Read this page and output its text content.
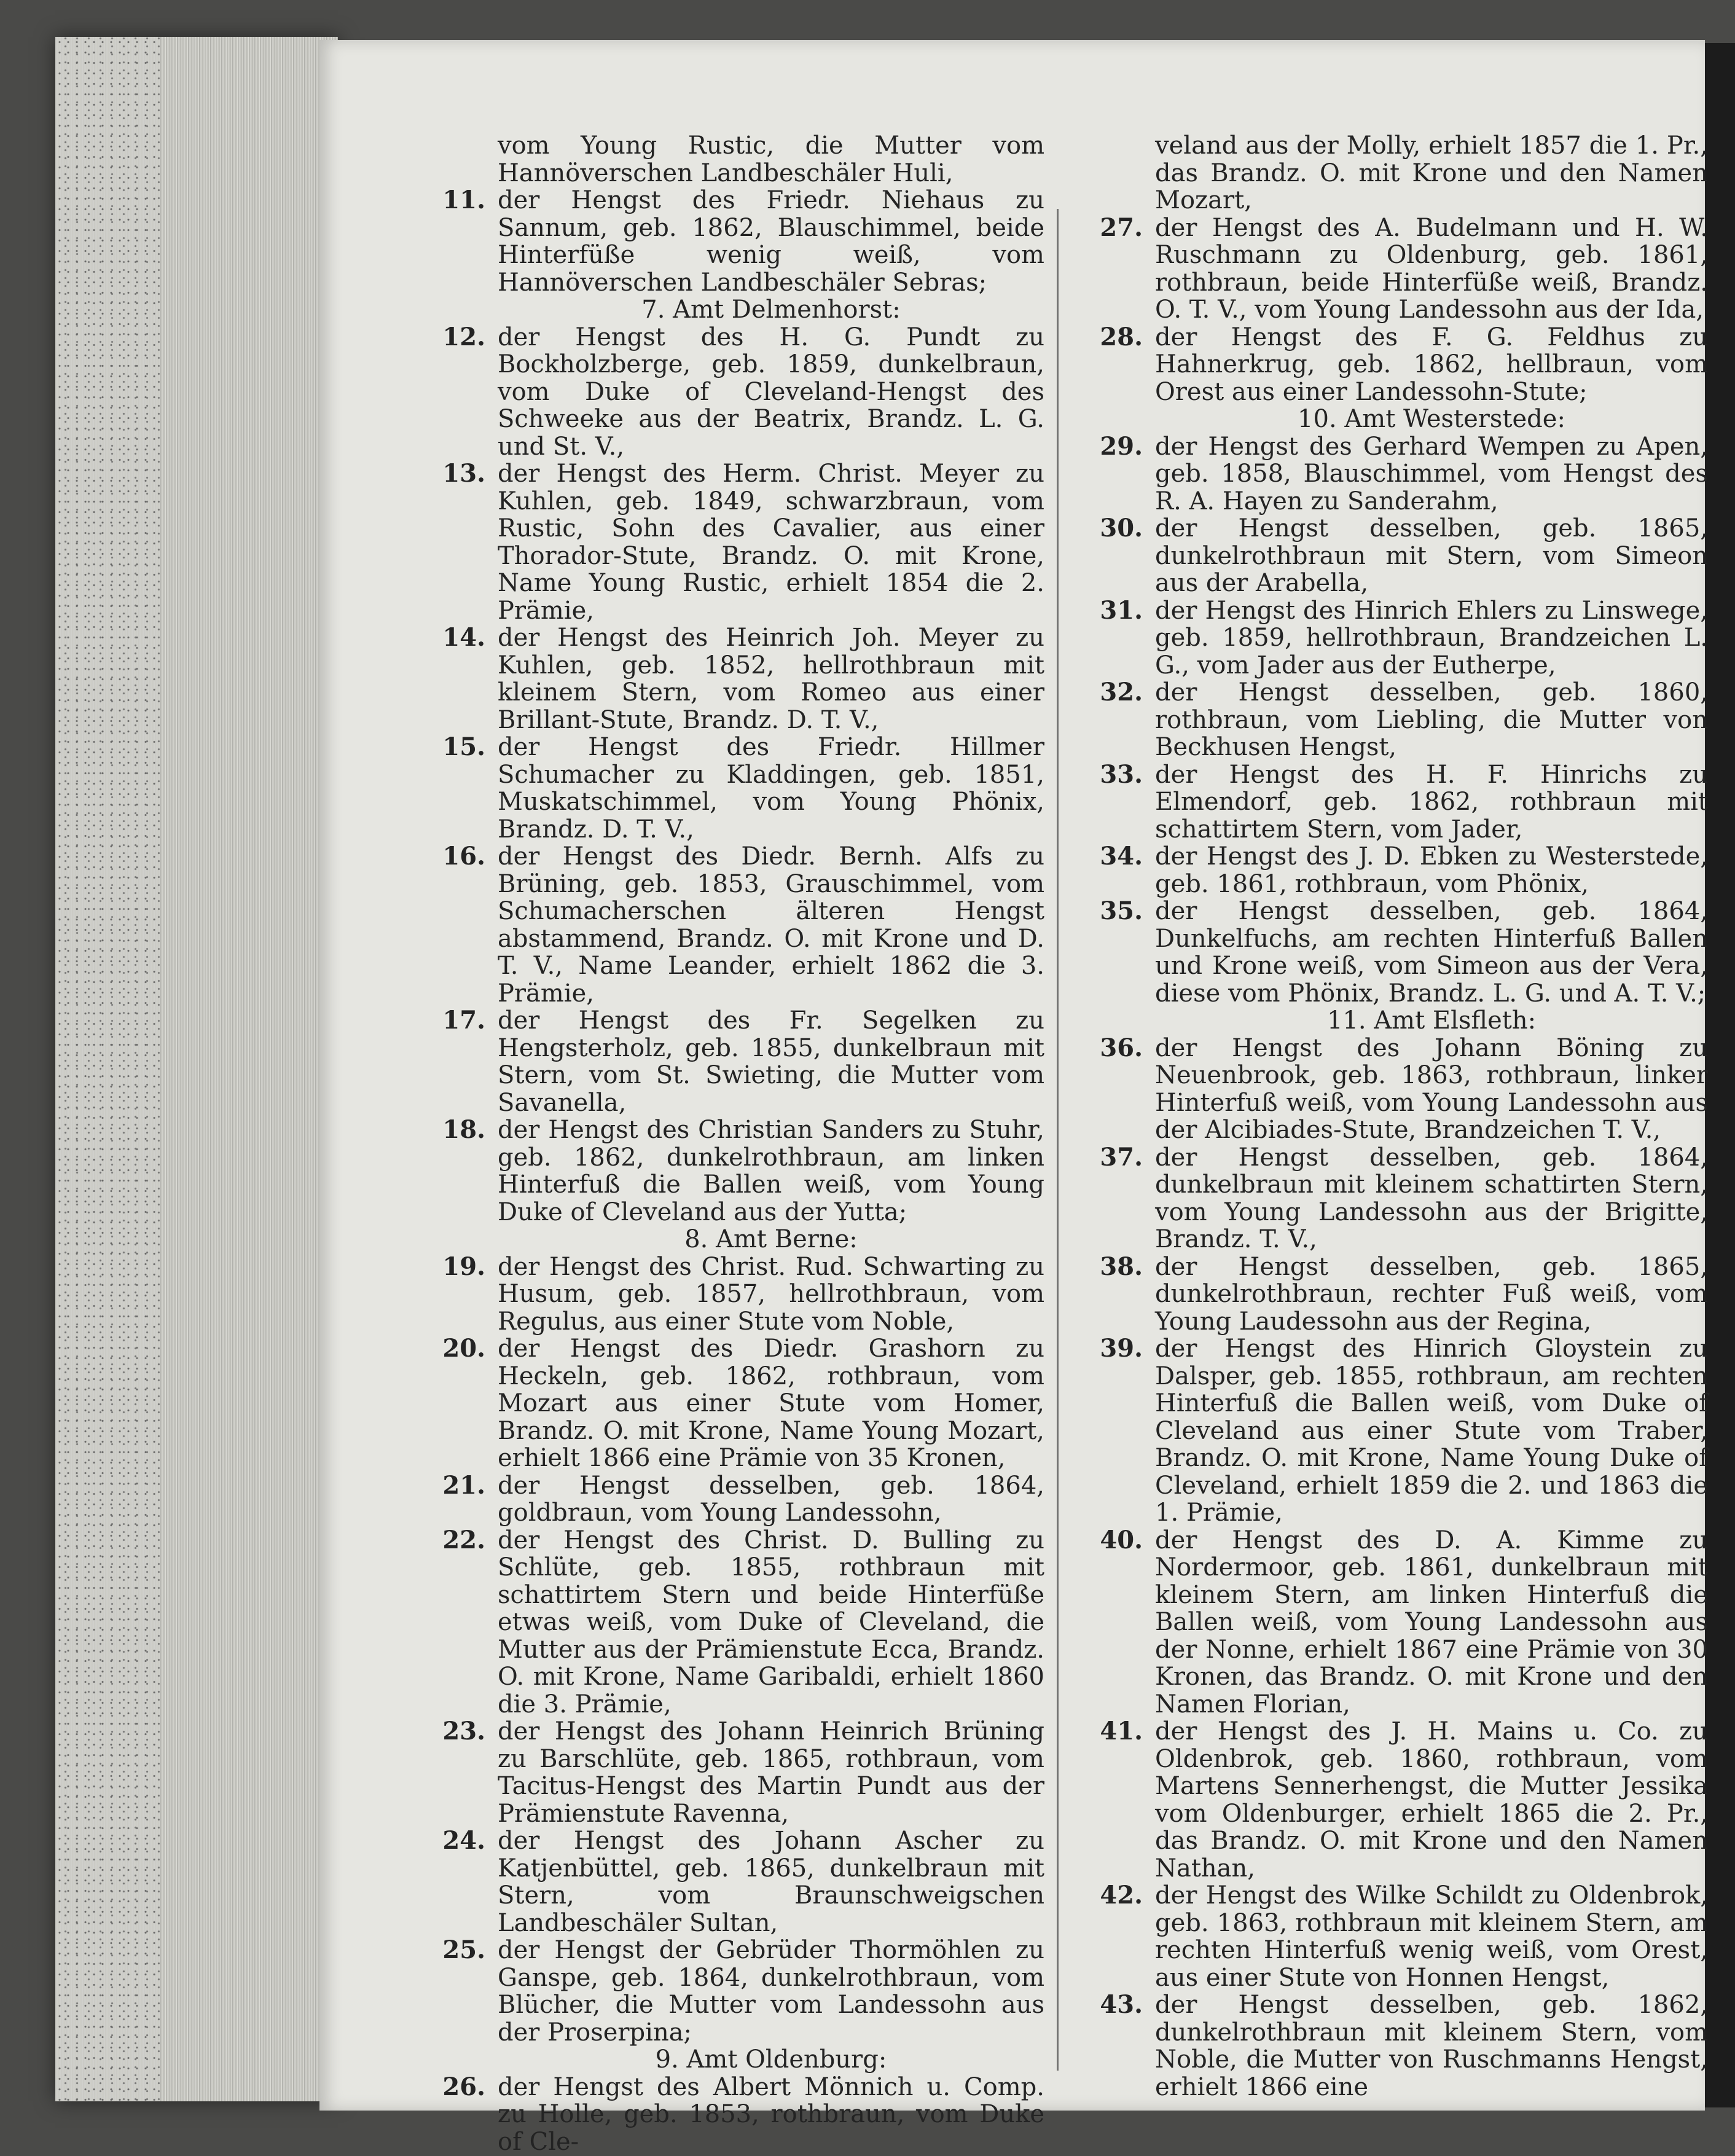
vom Young Rustic, die Mutter vom Hannöverschen Landbeschäler Huli,
11. der Hengst des Friedr. Niehaus zu Sannum, geb. 1862, Blauschimmel, beide Hinterfüße wenig weiß, vom Hannöverschen Landbeschäler Sebras;
7. Amt Delmenhorst:
12. der Hengst des H. G. Pundt zu Bockholzberge, geb. 1859, dunkelbraun, vom Duke of Cleveland-Hengst des Schweeke aus der Beatrix, Brandz. L. G. und St. V.,
13. der Hengst des Herm. Christ. Meyer zu Kuhlen, geb. 1849, schwarzbraun, vom Rustic, Sohn des Cavalier, aus einer Thorador-Stute, Brandz. O. mit Krone, Name Young Rustic, erhielt 1854 die 2. Prämie,
14. der Hengst des Heinrich Joh. Meyer zu Kuhlen, geb. 1852, hellrothbraun mit kleinem Stern, vom Romeo aus einer Brillant-Stute, Brandz. D. T. V.,
15. der Hengst des Friedr. Hillmer Schumacher zu Kladdingen, geb. 1851, Muskatschimmel, vom Young Phönix, Brandz. D. T. V.,
16. der Hengst des Diedr. Bernh. Alfs zu Brüning, geb. 1853, Grauschimmel, vom Schumacherschen älteren Hengst abstammend, Brandz. O. mit Krone und D. T. V., Name Leander, erhielt 1862 die 3. Prämie,
17. der Hengst des Fr. Segelken zu Hengsterholz, geb. 1855, dunkelbraun mit Stern, vom St. Swieting, die Mutter vom Savanella,
18. der Hengst des Christian Sanders zu Stuhr, geb. 1862, dunkelrothbraun, am linken Hinterfuß die Ballen weiß, vom Young Duke of Cleveland aus der Yutta;
8. Amt Berne:
19. der Hengst des Christ. Rud. Schwarting zu Husum, geb. 1857, hellrothbraun, vom Regulus, aus einer Stute vom Noble,
20. der Hengst des Diedr. Grashorn zu Heckeln, geb. 1862, rothbraun, vom Mozart aus einer Stute vom Homer, Brandz. O. mit Krone, Name Young Mozart, erhielt 1866 eine Prämie von 35 Kronen,
21. der Hengst desselben, geb. 1864, goldbraun, vom Young Landessohn,
22. der Hengst des Christ. D. Bulling zu Schlüte, geb. 1855, rothbraun mit schattirtem Stern und beide Hinterfüße etwas weiß, vom Duke of Cleveland, die Mutter aus der Prämienstute Ecca, Brandz. O. mit Krone, Name Garibaldi, erhielt 1860 die 3. Prämie,
23. der Hengst des Johann Heinrich Brüning zu Barschlüte, geb. 1865, rothbraun, vom Tacitus-Hengst des Martin Pundt aus der Prämienstute Ravenna,
24. der Hengst des Johann Ascher zu Katjenbüttel, geb. 1865, dunkelbraun mit Stern, vom Braunschweigschen Landbeschäler Sultan,
25. der Hengst der Gebrüder Thormöhlen zu Ganspe, geb. 1864, dunkelrothbraun, vom Blücher, die Mutter vom Landessohn aus der Proserpina;
9. Amt Oldenburg:
26. der Hengst des Albert Mönnich u. Comp. zu Holle, geb. 1853, rothbraun, vom Duke of Cle-
veland aus der Molly, erhielt 1857 die 1. Pr., das Brandz. O. mit Krone und den Namen Mozart,
27. der Hengst des A. Budelmann und H. W. Ruschmann zu Oldenburg, geb. 1861, rothbraun, beide Hinterfüße weiß, Brandz. O. T. V., vom Young Landessohn aus der Ida,
28. der Hengst des F. G. Feldhus zu Hahnerkrug, geb. 1862, hellbraun, vom Orest aus einer Landessohn-Stute;
10. Amt Westerstede:
29. der Hengst des Gerhard Wempen zu Apen, geb. 1858, Blauschimmel, vom Hengst des R. A. Hayen zu Sanderahm,
30. der Hengst desselben, geb. 1865, dunkelrothbraun mit Stern, vom Simeon aus der Arabella,
31. der Hengst des Hinrich Ehlers zu Linswege, geb. 1859, hellrothbraun, Brandzeichen L. G., vom Jader aus der Eutherpe,
32. der Hengst desselben, geb. 1860, rothbraun, vom Liebling, die Mutter von Beckhusen Hengst,
33. der Hengst des H. F. Hinrichs zu Elmendorf, geb. 1862, rothbraun mit schattirtem Stern, vom Jader,
34. der Hengst des J. D. Ebken zu Westerstede, geb. 1861, rothbraun, vom Phönix,
35. der Hengst desselben, geb. 1864, Dunkelfuchs, am rechten Hinterfuß Ballen und Krone weiß, vom Simeon aus der Vera, diese vom Phönix, Brandz. L. G. und A. T. V.;
11. Amt Elsfleth:
36. der Hengst des Johann Böning zu Neuenbrook, geb. 1863, rothbraun, linker Hinterfuß weiß, vom Young Landessohn aus der Alcibiades-Stute, Brandzeichen T. V.,
37. der Hengst desselben, geb. 1864, dunkelbraun mit kleinem schattirten Stern, vom Young Landessohn aus der Brigitte, Brandz. T. V.,
38. der Hengst desselben, geb. 1865, dunkelrothbraun, rechter Fuß weiß, vom Young Laudessohn aus der Regina,
39. der Hengst des Hinrich Gloystein zu Dalsper, geb. 1855, rothbraun, am rechten Hinterfuß die Ballen weiß, vom Duke of Cleveland aus einer Stute vom Traber, Brandz. O. mit Krone, Name Young Duke of Cleveland, erhielt 1859 die 2. und 1863 die 1. Prämie,
40. der Hengst des D. A. Kimme zu Nordermoor, geb. 1861, dunkelbraun mit kleinem Stern, am linken Hinterfuß die Ballen weiß, vom Young Landessohn aus der Nonne, erhielt 1867 eine Prämie von 30 Kronen, das Brandz. O. mit Krone und den Namen Florian,
41. der Hengst des J. H. Mains u. Co. zu Oldenbrok, geb. 1860, rothbraun, vom Martens Sennerhengst, die Mutter Jessika vom Oldenburger, erhielt 1865 die 2. Pr., das Brandz. O. mit Krone und den Namen Nathan,
42. der Hengst des Wilke Schildt zu Oldenbrok, geb. 1863, rothbraun mit kleinem Stern, am rechten Hinterfuß wenig weiß, vom Orest, aus einer Stute von Honnen Hengst,
43. der Hengst desselben, geb. 1862, dunkelrothbraun mit kleinem Stern, vom Noble, die Mutter von Ruschmanns Hengst, erhielt 1866 eine
